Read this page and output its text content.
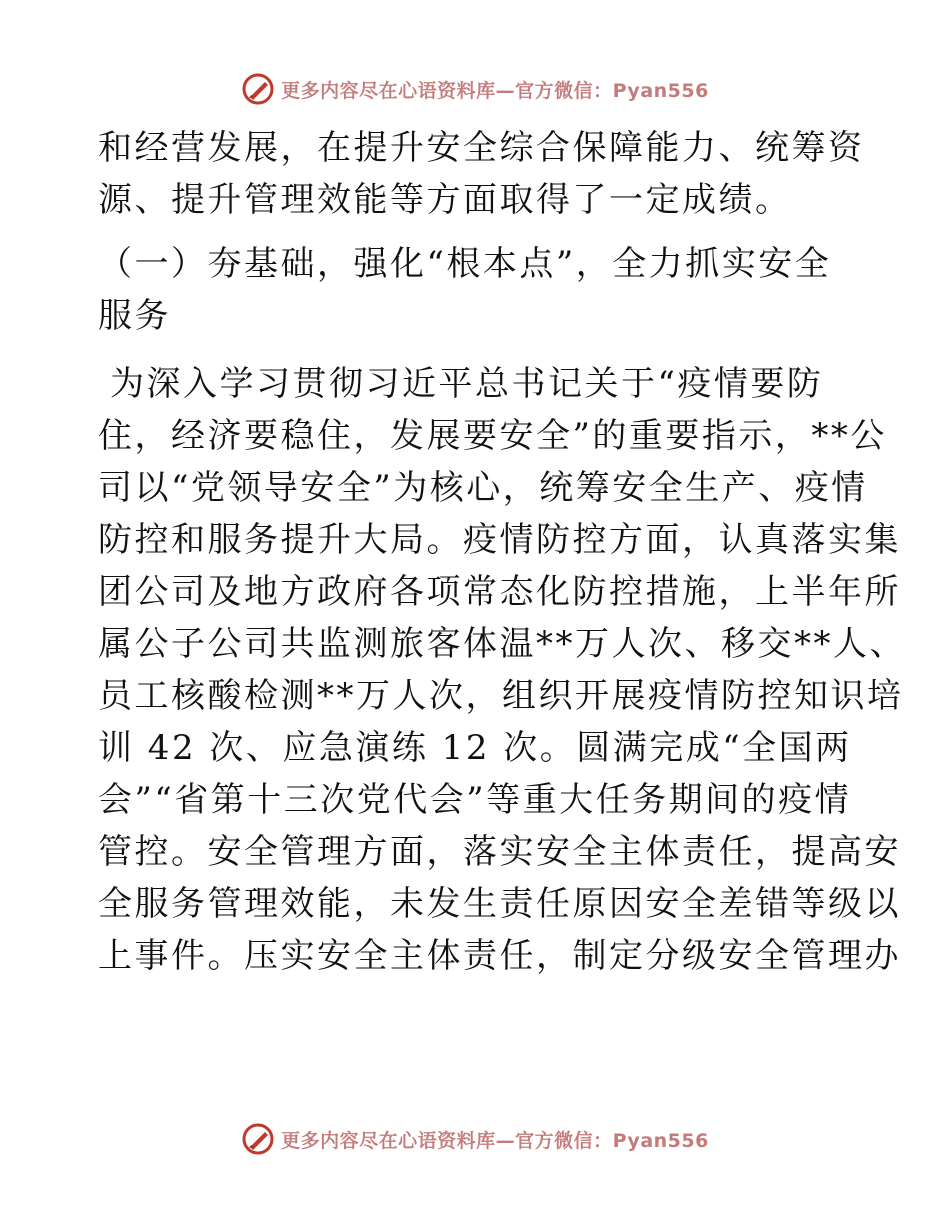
更多内容尽在心语资料库—官方微信：Pyan556
和经营发展，在提升安全综合保障能力、统筹资
源、提升管理效能等方面取得了一定成绩。
（一）夯基础，强化“根本点”，全力抓实安全
服务
为深入学习贯彻习近平总书记关于“疫情要防
住，经济要稳住，发展要安全”的重要指示，**公
司以“党领导安全”为核心，统筹安全生产、疫情
防控和服务提升大局。疫情防控方面，认真落实集
团公司及地方政府各项常态化防控措施，上半年所
属公子公司共监测旅客体温**万人次、移交**人、
员工核酸检测**万人次，组织开展疫情防控知识培
训 42 次、应急演练 12 次。圆满完成“全国两
会”“省第十三次党代会”等重大任务期间的疫情
管控。安全管理方面，落实安全主体责任，提高安
全服务管理效能，未发生责任原因安全差错等级以
上事件。压实安全主体责任，制定分级安全管理办
更多内容尽在心语资料库—官方微信：Pyan556
